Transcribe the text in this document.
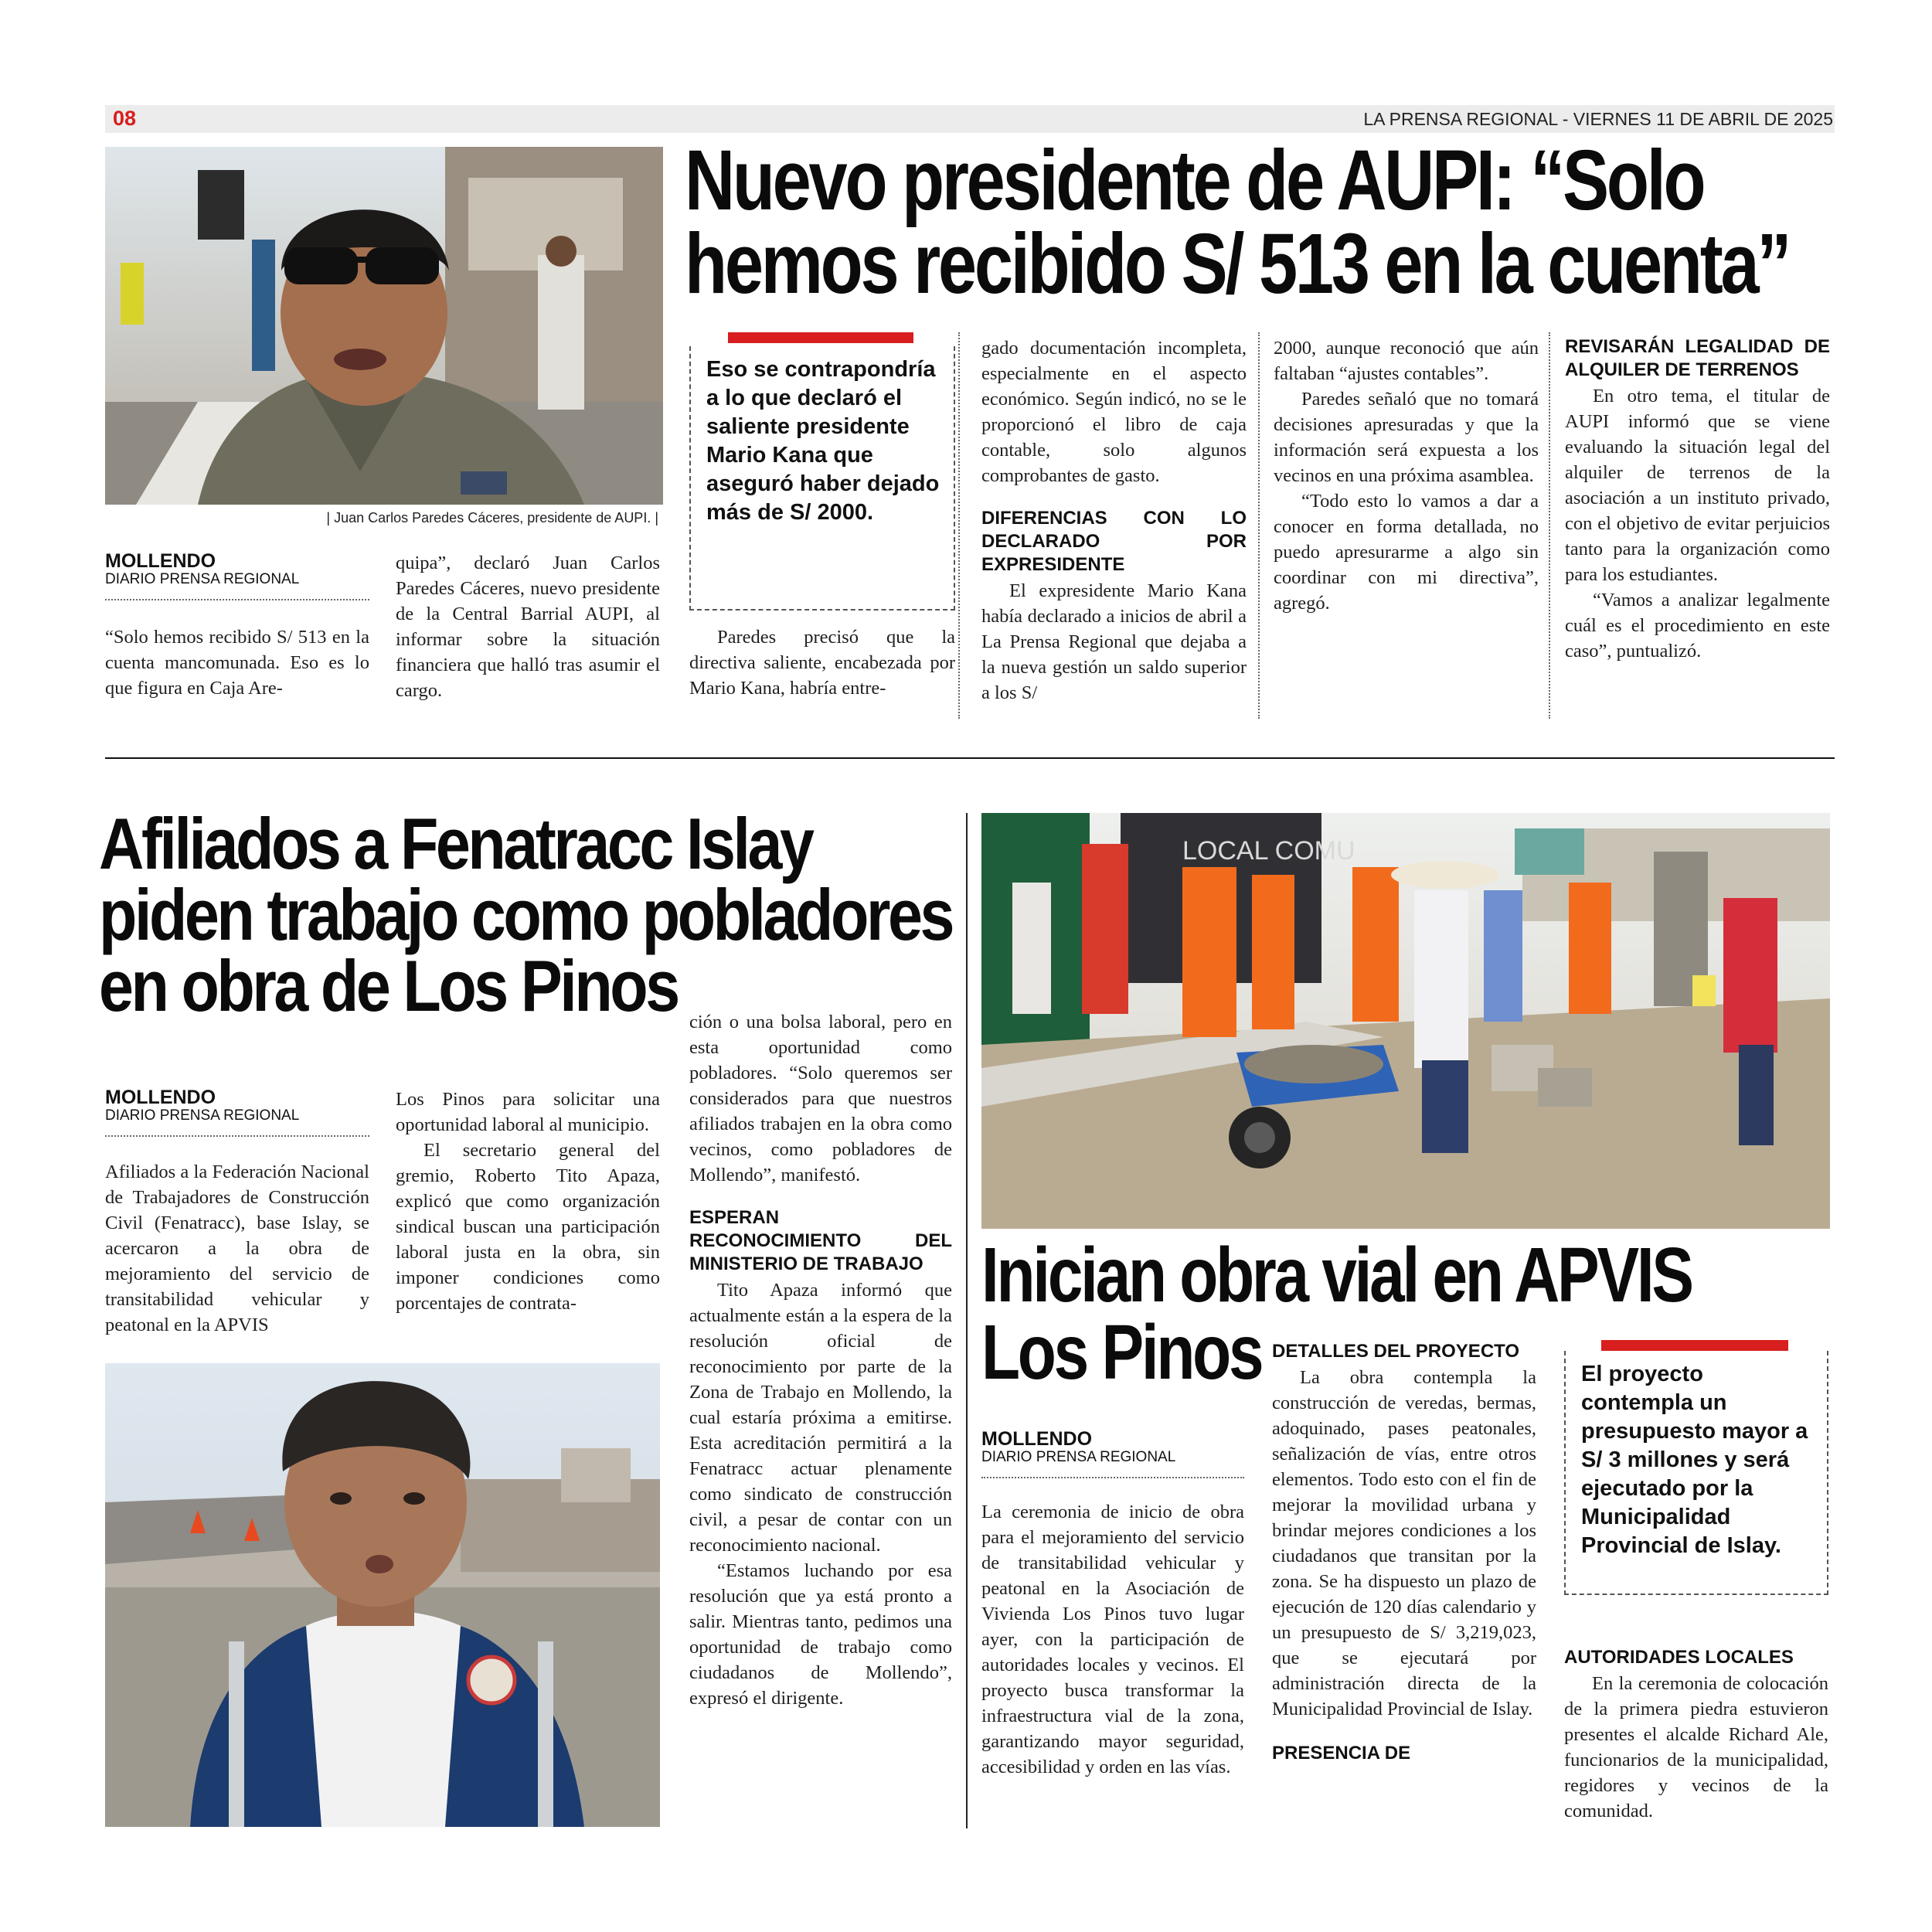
08	LA PRENSA REGIONAL - VIERNES 11 DE ABRIL DE 2025
| Juan Carlos Paredes Cáceres, presidente de AUPI. |
Nuevo presidente de AUPI: “Solo
hemos recibido S/ 513 en la cuenta”
MOLLENDO
DIARIO PRENSA REGIONAL

“Solo hemos recibido S/ 513 en la cuenta mancomunada. Eso es lo que figura en Caja Are-

quipa”, declaró Juan Carlos Paredes Cáceres, nuevo presidente de la Central Barrial AUPI, al informar sobre la situación financiera que halló tras asumir el cargo.

Eso se contrapondría a lo que declaró el saliente presidente Mario Kana que aseguró haber dejado más de S/ 2000.

Paredes precisó que la directiva saliente, encabezada por Mario Kana, habría entre-

gado documentación incompleta, especialmente en el aspecto económico. Según indicó, no se le proporcionó el libro de caja contable, solo algunos comprobantes de gasto.

DIFERENCIAS CON LO DECLARADO POR EXPRESIDENTE

El expresidente Mario Kana había declarado a inicios de abril a La Prensa Regional que dejaba a la nueva gestión un saldo superior a los S/

2000, aunque reconoció que aún faltaban “ajustes contables”.

Paredes señaló que no tomará decisiones apresuradas y que la información será expuesta a los vecinos en una próxima asamblea.

“Todo esto lo vamos a dar a conocer en forma detallada, no puedo apresurarme a algo sin coordinar con mi directiva”, agregó.

REVISARÁN LEGALIDAD DE ALQUILER DE TERRENOS

En otro tema, el titular de AUPI informó que se viene evaluando la situación legal del alquiler de terrenos de la asociación a un instituto privado, con el objetivo de evitar perjuicios tanto para la organización como para los estudiantes.

“Vamos a analizar legalmente cuál es el procedimiento en este caso”, puntualizó.

Afiliados a Fenatracc Islay
piden trabajo como pobladores
en obra de Los Pinos
MOLLENDO
DIARIO PRENSA REGIONAL

Afiliados a la Federación Nacional de Trabajadores de Construcción Civil (Fenatracc), base Islay, se acercaron a la obra de mejoramiento del servicio de transitabilidad vehicular y peatonal en la APVIS

Los Pinos para solicitar una oportunidad laboral al municipio.

El secretario general del gremio, Roberto Tito Apaza, explicó que como organización sindical buscan una participación laboral justa en la obra, sin imponer condiciones como porcentajes de contrata-

ción o una bolsa laboral, pero en esta oportunidad como pobladores. “Solo queremos ser considerados para que nuestros afiliados trabajen en la obra como vecinos, como pobladores de Mollendo”, manifestó.

ESPERAN RECONOCIMIENTO DEL MINISTERIO DE TRABAJO

Tito Apaza informó que actualmente están a la espera de la resolución oficial de reconocimiento por parte de la Zona de Trabajo en Mollendo, la cual estaría próxima a emitirse. Esta acreditación permitirá a la Fenatracc actuar plenamente como sindicato de construcción civil, a pesar de contar con un reconocimiento nacional.

“Estamos luchando por esa resolución que ya está pronto a salir. Mientras tanto, pedimos una oportunidad de trabajo como ciudadanos de Mollendo”, expresó el dirigente.

LOCAL COMU
Inician obra vial en APVIS
Los Pinos
MOLLENDO
DIARIO PRENSA REGIONAL

La ceremonia de inicio de obra para el mejoramiento del servicio de transitabilidad vehicular y peatonal en la Asociación de Vivienda Los Pinos tuvo lugar ayer, con la participación de autoridades locales y vecinos. El proyecto busca transformar la infraestructura vial de la zona, garantizando mayor seguridad, accesibilidad y orden en las vías.

DETALLES DEL PROYECTO

La obra contempla la construcción de veredas, bermas, adoquinado, pases peatonales, señalización de vías, entre otros elementos. Todo esto con el fin de mejorar la movilidad urbana y brindar mejores condiciones a los ciudadanos que transitan por la zona. Se ha dispuesto un plazo de ejecución de 120 días calendario y un presupuesto de S/ 3,219,023, que se ejecutará por administración directa de la Municipalidad Provincial de Islay.

PRESENCIA DE
El proyecto contempla un presupuesto mayor a S/ 3 millones y será ejecutado por la Municipalidad Provincial de Islay.
AUTORIDADES LOCALES

En la ceremonia de colocación de la primera piedra estuvieron presentes el alcalde Richard Ale, funcionarios de la municipalidad, regidores y vecinos de la comunidad.
